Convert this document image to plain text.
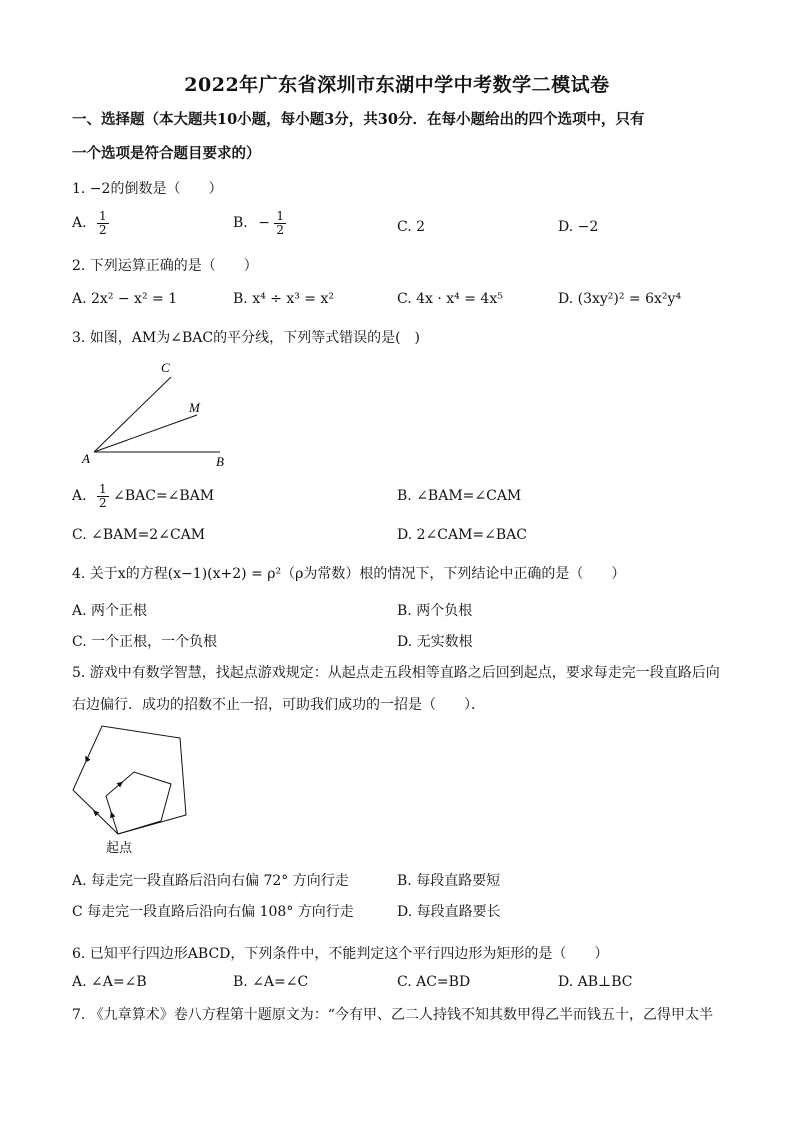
2022年广东省深圳市东湖中学中考数学二模试卷
一、选择题（本大题共10小题，每小题3分，共30分．在每小题给出的四个选项中，只有
一个选项是符合题目要求的）
1. −2的倒数是（　　）
A. $\frac{1}{2}$	B. − $\frac{1}{2}$	C. 2	D. −2
2. 下列运算正确的是（　　）
A. 2x² − x² = 1	B. x⁴ ÷ x³ = x²	C. 4x · x⁴ = 4x⁵	D. (3xy²)² = 6x²y⁴
3. 如图，AM为∠BAC的平分线，下列等式错误的是(　)
C
M
A	B
A. $\frac{1}{2}$ ∠BAC=∠BAM	B. ∠BAM=∠CAM
C. ∠BAM=2∠CAM	D. 2∠CAM=∠BAC
4. 关于x的方程(x−1)(x+2) = ρ²（ρ为常数）根的情况下，下列结论中正确的是（　　）
A. 两个正根	B. 两个负根
C. 一个正根，一个负根	D. 无实数根
5. 游戏中有数学智慧，找起点游戏规定：从起点走五段相等直路之后回到起点，要求每走完一段直路后向
右边偏行．成功的招数不止一招，可助我们成功的一招是（　　）．
起点
A. 每走完一段直路后沿向右偏 72° 方向行走	B. 每段直路要短
C 每走完一段直路后沿向右偏 108° 方向行走	D. 每段直路要长
6. 已知平行四边形ABCD，下列条件中，不能判定这个平行四边形为矩形的是（　　）
A. ∠A=∠B	B. ∠A=∠C	C. AC=BD	D. AB⊥BC
7. 《九章算术》卷八方程第十题原文为：“今有甲、乙二人持钱不知其数甲得乙半而钱五十，乙得甲太半
